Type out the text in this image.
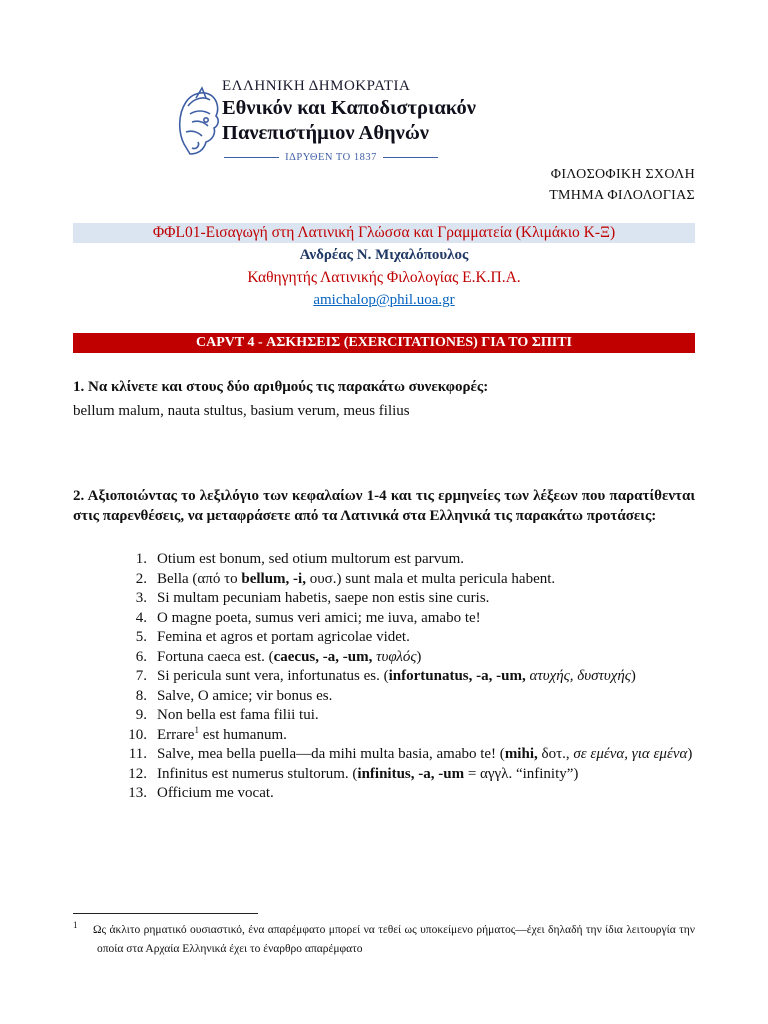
ΕΛΛΗΝΙΚΗ ΔΗΜΟΚΡΑΤΙΑ
Εθνικόν και Καποδιστριακόν
Πανεπιστήμιον Αθηνών
ΙΔΡΥΘΕΝ ΤΟ 1837
ΦΙΛΟΣΟΦΙΚΗ ΣΧΟΛΗ
ΤΜΗΜΑ ΦΙΛΟΛΟΓΙΑΣ
ΦΦL01-Εισαγωγή στη Λατινική Γλώσσα και Γραμματεία (Κλιμάκιο Κ-Ξ)
Ανδρέας Ν. Μιχαλόπουλος
Καθηγητής Λατινικής Φιλολογίας Ε.Κ.Π.Α.
amichalop@phil.uoa.gr
CAPVT 4 - ΑΣΚΗΣΕΙΣ (EXERCITATIONES) ΓΙΑ ΤΟ ΣΠΙΤΙ
1. Να κλίνετε και στους δύο αριθμούς τις παρακάτω συνεκφορές:
bellum malum, nauta stultus, basium verum, meus filius
2. Αξιοποιώντας το λεξιλόγιο των κεφαλαίων 1-4 και τις ερμηνείες των λέξεων που παρατίθενται στις παρενθέσεις, να μεταφράσετε από τα Λατινικά στα Ελληνικά τις παρακάτω προτάσεις:
1. Otium est bonum, sed otium multorum est parvum.
2. Bella (από το bellum, -i, ουσ.) sunt mala et multa pericula habent.
3. Si multam pecuniam habetis, saepe non estis sine curis.
4. O magne poeta, sumus veri amici; me iuva, amabo te!
5. Femina et agros et portam agricolae videt.
6. Fortuna caeca est. (caecus, -a, -um, τυφλός)
7. Si pericula sunt vera, infortunatus es. (infortunatus, -a, -um, ατυχής, δυστυχής)
8. Salve, O amice; vir bonus es.
9. Non bella est fama filii tui.
10. Errare$^1$ est humanum.
11. Salve, mea bella puella—da mihi multa basia, amabo te! (mihi, δοτ., σε εμένα, για εμένα)
12. Infinitus est numerus stultorum. (infinitus, -a, -um = αγγλ. “infinity”)
13. Officium me vocat.
$^1$ Ως άκλιτο ρηματικό ουσιαστικό, ένα απαρέμφατο μπορεί να τεθεί ως υποκείμενο ρήματος—έχει δηλαδή την ίδια λειτουργία την οποία στα Αρχαία Ελληνικά έχει το έναρθρο απαρέμφατο
